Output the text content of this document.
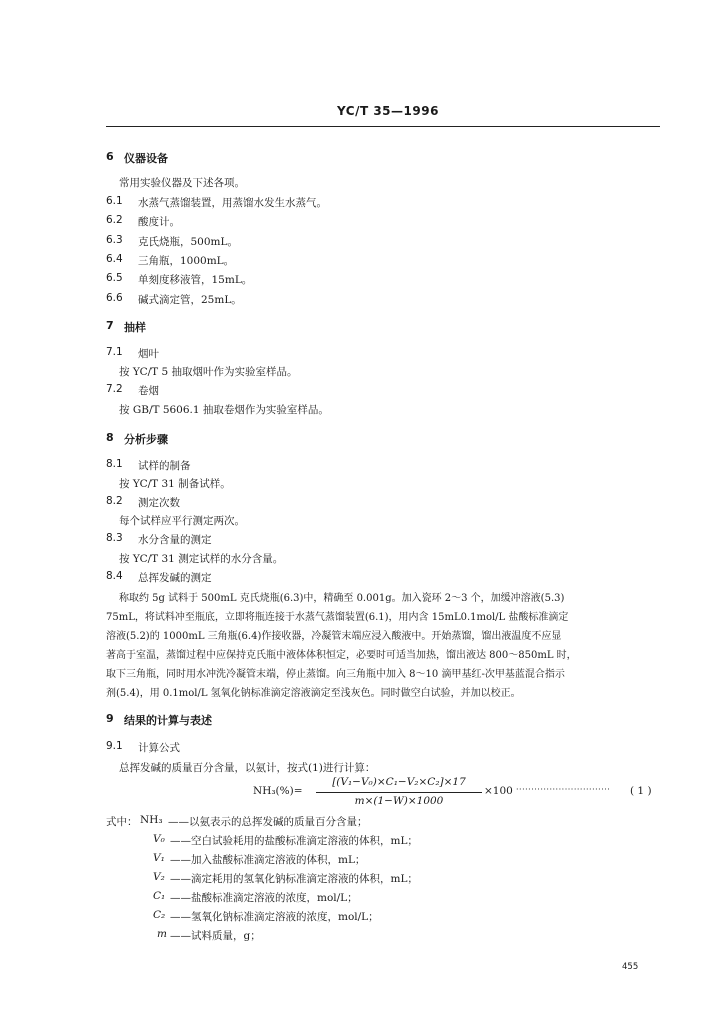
YC/T 35—1996
6 仪器设备
常用实验仪器及下述各项。
6.1 水蒸气蒸馏装置，用蒸馏水发生水蒸气。
6.2 酸度计。
6.3 克氏烧瓶，500mL。
6.4 三角瓶，1000mL。
6.5 单刻度移液管，15mL。
6.6 碱式滴定管，25mL。
7 抽样
7.1 烟叶
按 YC/T 5 抽取烟叶作为实验室样品。
7.2 卷烟
按 GB/T 5606.1 抽取卷烟作为实验室样品。
8 分析步骤
8.1 试样的制备
按 YC/T 31 制备试样。
8.2 测定次数
每个试样应平行测定两次。
8.3 水分含量的测定
按 YC/T 31 测定试样的水分含量。
8.4 总挥发碱的测定
称取约 5g 试料于 500mL 克氏烧瓶(6.3)中，精确至 0.001g。加入瓷环 2～3 个，加缓冲溶液(5.3)
75mL，将试料冲至瓶底，立即将瓶连接于水蒸气蒸馏装置(6.1)，用内含 15mL0.1mol/L 盐酸标准滴定
溶液(5.2)的 1000mL 三角瓶(6.4)作接收器，冷凝管末端应浸入酸液中。开始蒸馏，馏出液温度不应显
著高于室温，蒸馏过程中应保持克氏瓶中液体体积恒定，必要时可适当加热，馏出液达 800～850mL 时，
取下三角瓶，同时用水冲洗冷凝管末端，停止蒸馏。向三角瓶中加入 8～10 滴甲基红-次甲基蓝混合指示
剂(5.4)，用 0.1mol/L 氢氧化钠标准滴定溶液滴定至浅灰色。同时做空白试验，并加以校正。
9 结果的计算与表述
9.1 计算公式
总挥发碱的质量百分含量，以氨计，按式(1)进行计算：
NH₃(%)=
[(V₁−V₀)×C₁−V₂×C₂]×17
m×(1−W)×1000
×100 ······························· ( 1 )
式中： NH₃ ——以氨表示的总挥发碱的质量百分含量；
V₀ ——空白试验耗用的盐酸标准滴定溶液的体积，mL；
V₁ ——加入盐酸标准滴定溶液的体积，mL；
V₂ ——滴定耗用的氢氧化钠标准滴定溶液的体积，mL；
C₁ ——盐酸标准滴定溶液的浓度，mol/L；
C₂ ——氢氧化钠标准滴定溶液的浓度，mol/L；
m ——试料质量，g；
455
